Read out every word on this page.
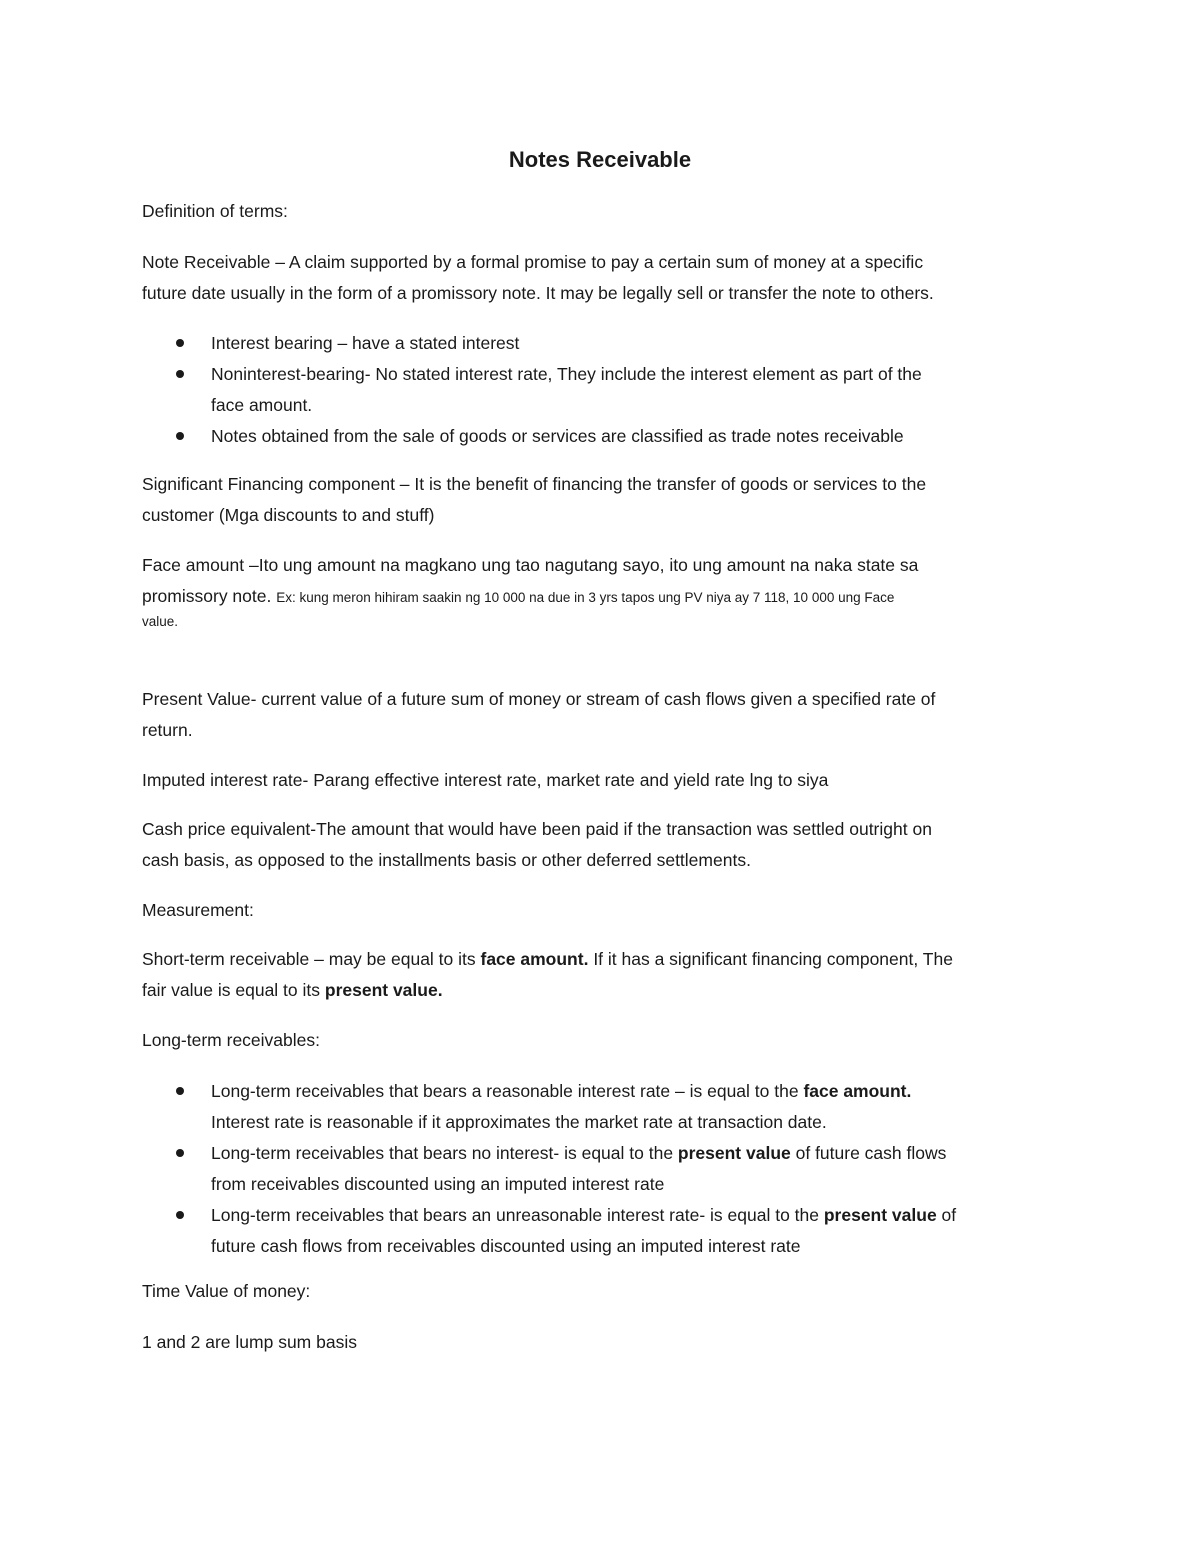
Notes Receivable

Definition of terms:

Note Receivable – A claim supported by a formal promise to pay a certain sum of money at a specific
future date usually in the form of a promissory note. It may be legally sell or transfer the note to others.
Interest bearing – have a stated interest
Noninterest-bearing- No stated interest rate, They include the interest element as part of the
face amount.
Notes obtained from the sale of goods or services are classified as trade notes receivable
Significant Financing component – It is the benefit of financing the transfer of goods or services to the
customer (Mga discounts to and stuff)
Face amount –Ito ung amount na magkano ung tao nagutang sayo, ito ung amount na naka state sa
promissory note. Ex: kung meron hihiram saakin ng 10 000 na due in 3 yrs tapos ung PV niya ay 7 118, 10 000 ung Face
value.
Present Value- current value of a future sum of money or stream of cash flows given a specified rate of
return.

Imputed interest rate- Parang effective interest rate, market rate and yield rate lng to siya

Cash price equivalent-The amount that would have been paid if the transaction was settled outright on
cash basis, as opposed to the installments basis or other deferred settlements.

Measurement:

Short-term receivable – may be equal to its face amount. If it has a significant financing component, The
fair value is equal to its present value.

Long-term receivables:

Long-term receivables that bears a reasonable interest rate – is equal to the face amount.
Interest rate is reasonable if it approximates the market rate at transaction date.
Long-term receivables that bears no interest- is equal to the present value of future cash flows
from receivables discounted using an imputed interest rate
Long-term receivables that bears an unreasonable interest rate- is equal to the present value of
future cash flows from receivables discounted using an imputed interest rate

Time Value of money:

1 and 2 are lump sum basis
